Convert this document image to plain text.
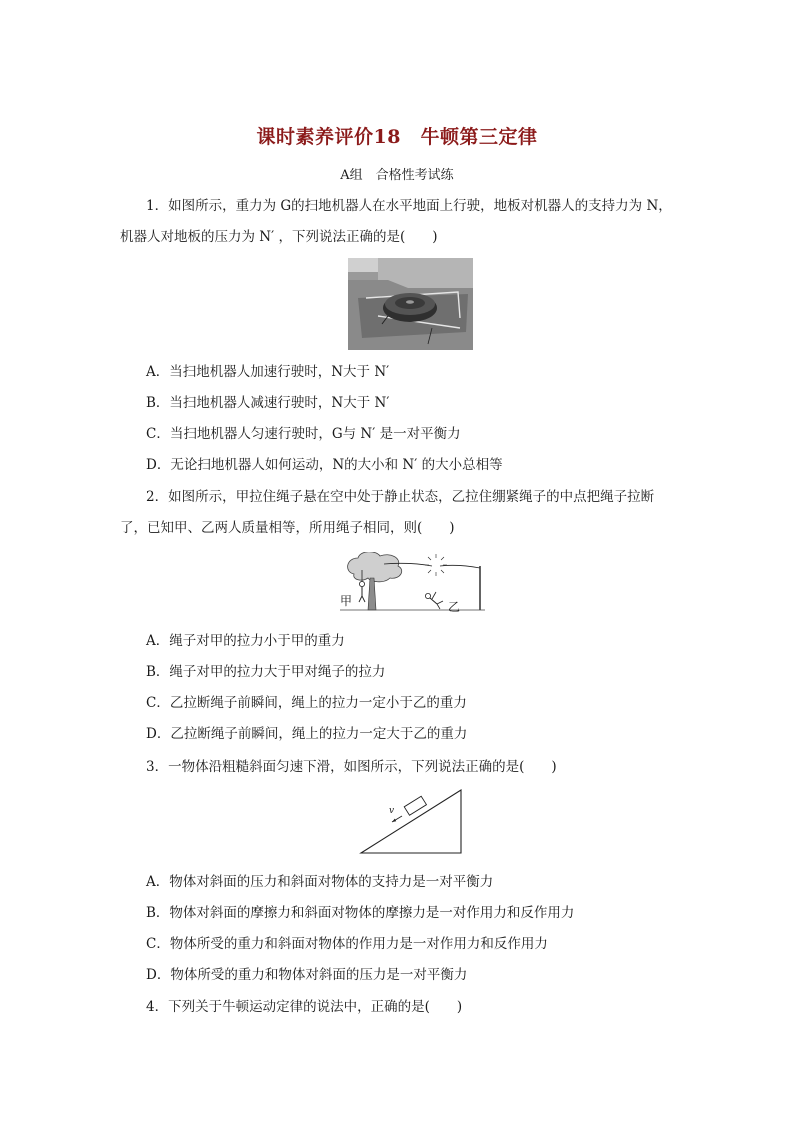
课时素养评价18　牛顿第三定律
A组　合格性考试练
1．如图所示，重力为 G的扫地机器人在水平地面上行驶，地板对机器人的支持力为 N，
机器人对地板的压力为 N′ ，下列说法正确的是(　　)
A．当扫地机器人加速行驶时，N大于 N′
B．当扫地机器人减速行驶时，N大于 N′
C．当扫地机器人匀速行驶时，G与 N′ 是一对平衡力
D．无论扫地机器人如何运动，N的大小和 N′ 的大小总相等
2．如图所示，甲拉住绳子悬在空中处于静止状态，乙拉住绷紧绳子的中点把绳子拉断
了，已知甲、乙两人质量相等，所用绳子相同，则(　　)
甲	乙
A．绳子对甲的拉力小于甲的重力
B．绳子对甲的拉力大于甲对绳子的拉力
C．乙拉断绳子前瞬间，绳上的拉力一定小于乙的重力
D．乙拉断绳子前瞬间，绳上的拉力一定大于乙的重力
3．一物体沿粗糙斜面匀速下滑，如图所示，下列说法正确的是(　　)
v
A．物体对斜面的压力和斜面对物体的支持力是一对平衡力
B．物体对斜面的摩擦力和斜面对物体的摩擦力是一对作用力和反作用力
C．物体所受的重力和斜面对物体的作用力是一对作用力和反作用力
D．物体所受的重力和物体对斜面的压力是一对平衡力
4．下列关于牛顿运动定律的说法中，正确的是(　　)
